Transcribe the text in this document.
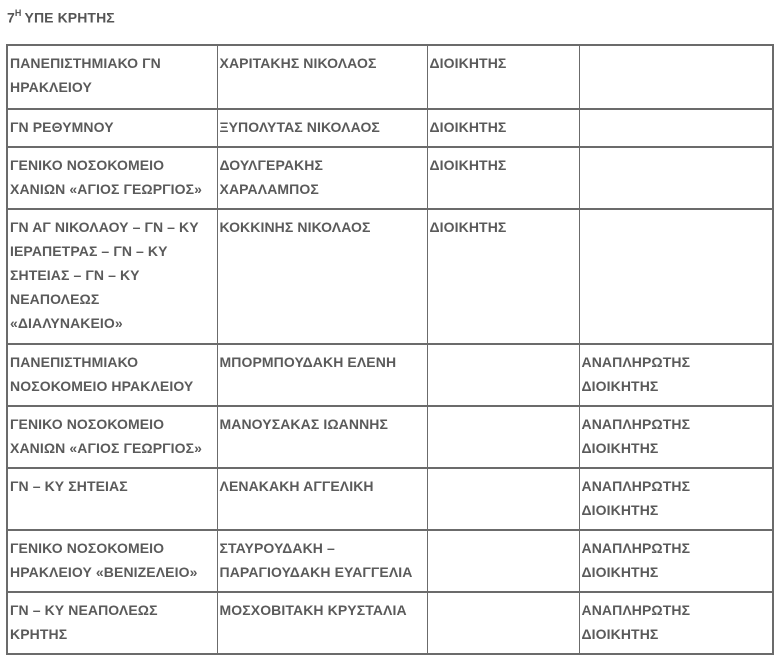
$7^H$ ΥΠΕ ΚΡΗΤΗΣ
ΠΑΝΕΠΙΣΤΗΜΙΑΚΟ ΓΝ ΗΡΑΚΛΕΙΟΥ	ΧΑΡΙΤΑΚΗΣ ΝΙΚΟΛΑΟΣ	ΔΙΟΙΚΗΤΗΣ	
ΓΝ ΡΕΘΥΜΝΟΥ	ΞΥΠΟΛΥΤΑΣ ΝΙΚΟΛΑΟΣ	ΔΙΟΙΚΗΤΗΣ	
ΓΕΝΙΚΟ ΝΟΣΟΚΟΜΕΙΟ ΧΑΝΙΩΝ «ΑΓΙΟΣ ΓΕΩΡΓΙΟΣ»	ΔΟΥΛΓΕΡΑΚΗΣ ΧΑΡΑΛΑΜΠΟΣ	ΔΙΟΙΚΗΤΗΣ	
ΓΝ ΑΓ ΝΙΚΟΛΑΟΥ – ΓΝ – ΚΥ ΙΕΡΑΠΕΤΡΑΣ – ΓΝ – ΚΥ ΣΗΤΕΙΑΣ – ΓΝ – ΚΥ ΝΕΑΠΟΛΕΩΣ «ΔΙΑΛΥΝΑΚΕΙΟ»	ΚΟΚΚΙΝΗΣ ΝΙΚΟΛΑΟΣ	ΔΙΟΙΚΗΤΗΣ	
ΠΑΝΕΠΙΣΤΗΜΙΑΚΟ ΝΟΣΟΚΟΜΕΙΟ ΗΡΑΚΛΕΙΟΥ	ΜΠΟΡΜΠΟΥΔΑΚΗ ΕΛΕΝΗ		ΑΝΑΠΛΗΡΩΤΗΣ ΔΙΟΙΚΗΤΗΣ
ΓΕΝΙΚΟ ΝΟΣΟΚΟΜΕΙΟ ΧΑΝΙΩΝ «ΑΓΙΟΣ ΓΕΩΡΓΙΟΣ»	ΜΑΝΟΥΣΑΚΑΣ ΙΩΑΝΝΗΣ		ΑΝΑΠΛΗΡΩΤΗΣ ΔΙΟΙΚΗΤΗΣ
ΓΝ – ΚΥ ΣΗΤΕΙΑΣ	ΛΕΝΑΚΑΚΗ ΑΓΓΕΛΙΚΗ		ΑΝΑΠΛΗΡΩΤΗΣ ΔΙΟΙΚΗΤΗΣ
ΓΕΝΙΚΟ ΝΟΣΟΚΟΜΕΙΟ ΗΡΑΚΛΕΙΟΥ «ΒΕΝΙΖΕΛΕΙΟ»	ΣΤΑΥΡΟΥΔΑΚΗ – ΠΑΡΑΓΙΟΥΔΑΚΗ ΕΥΑΓΓΕΛΙΑ		ΑΝΑΠΛΗΡΩΤΗΣ ΔΙΟΙΚΗΤΗΣ
ΓΝ – ΚΥ ΝΕΑΠΟΛΕΩΣ ΚΡΗΤΗΣ	ΜΟΣΧΟΒΙΤΑΚΗ ΚΡΥΣΤΑΛΙΑ		ΑΝΑΠΛΗΡΩΤΗΣ ΔΙΟΙΚΗΤΗΣ
